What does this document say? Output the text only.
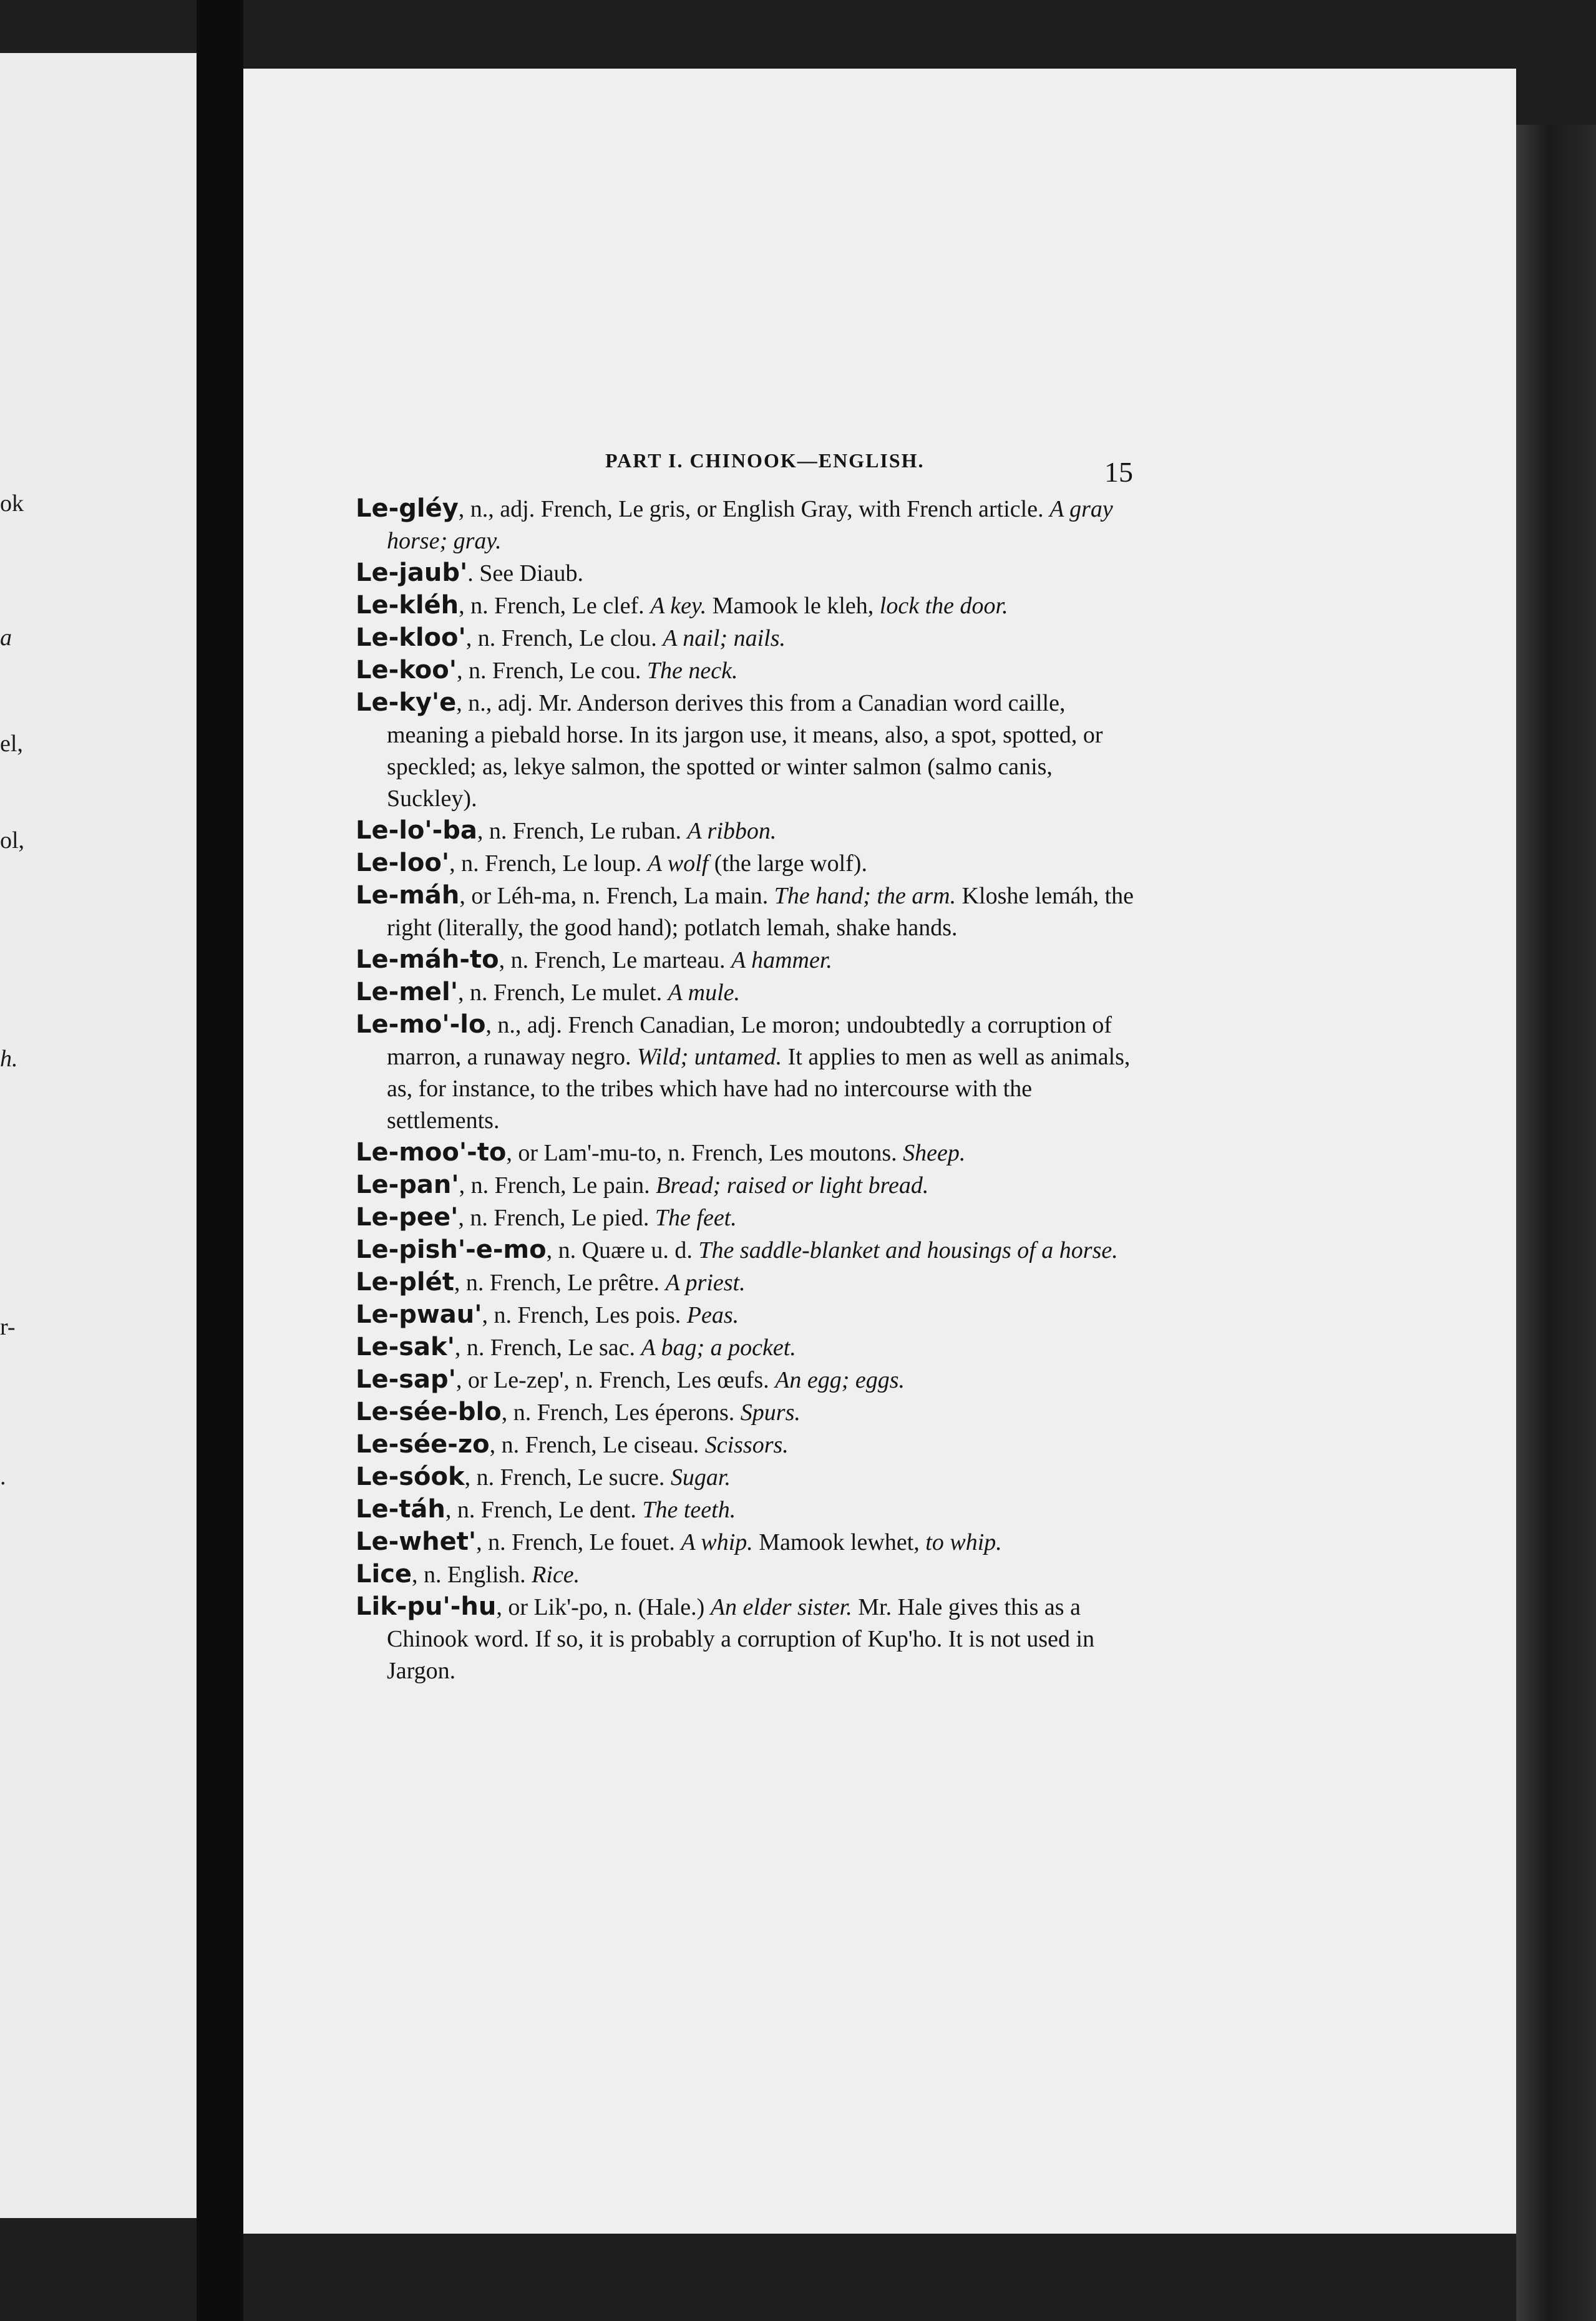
ok
a
el,
ol,
h.
r-
.
PART I. CHINOOK—ENGLISH.	15

Le-gléy, n., adj. French, Le gris, or English Gray, with French article. A gray horse; gray.

Le-jaub'. See Diaub.

Le-kléh, n. French, Le clef. A key. Mamook le kleh, lock the door.

Le-kloo', n. French, Le clou. A nail; nails.

Le-koo', n. French, Le cou. The neck.

Le-ky'e, n., adj. Mr. Anderson derives this from a Canadian word caille, meaning a piebald horse. In its jargon use, it means, also, a spot, spotted, or speckled; as, lekye salmon, the spotted or winter salmon (salmo canis, Suckley).

Le-lo'-ba, n. French, Le ruban. A ribbon.

Le-loo', n. French, Le loup. A wolf (the large wolf).

Le-máh, or Léh-ma, n. French, La main. The hand; the arm. Kloshe lemáh, the right (literally, the good hand); potlatch lemah, shake hands.

Le-máh-to, n. French, Le marteau. A hammer.

Le-mel', n. French, Le mulet. A mule.

Le-mo'-lo, n., adj. French Canadian, Le moron; undoubtedly a corruption of marron, a runaway negro. Wild; untamed. It applies to men as well as animals, as, for instance, to the tribes which have had no intercourse with the settlements.

Le-moo'-to, or Lam'-mu-to, n. French, Les moutons. Sheep.

Le-pan', n. French, Le pain. Bread; raised or light bread.

Le-pee', n. French, Le pied. The feet.

Le-pish'-e-mo, n. Quære u. d. The saddle-blanket and housings of a horse.

Le-plét, n. French, Le prêtre. A priest.

Le-pwau', n. French, Les pois. Peas.

Le-sak', n. French, Le sac. A bag; a pocket.

Le-sap', or Le-zep', n. French, Les œufs. An egg; eggs.

Le-sée-blo, n. French, Les éperons. Spurs.

Le-sée-zo, n. French, Le ciseau. Scissors.

Le-sóok, n. French, Le sucre. Sugar.

Le-táh, n. French, Le dent. The teeth.

Le-whet', n. French, Le fouet. A whip. Mamook lewhet, to whip.

Lice, n. English. Rice.

Lik-pu'-hu, or Lik'-po, n. (Hale.) An elder sister. Mr. Hale gives this as a Chinook word. If so, it is probably a corruption of Kup'ho. It is not used in Jargon.
